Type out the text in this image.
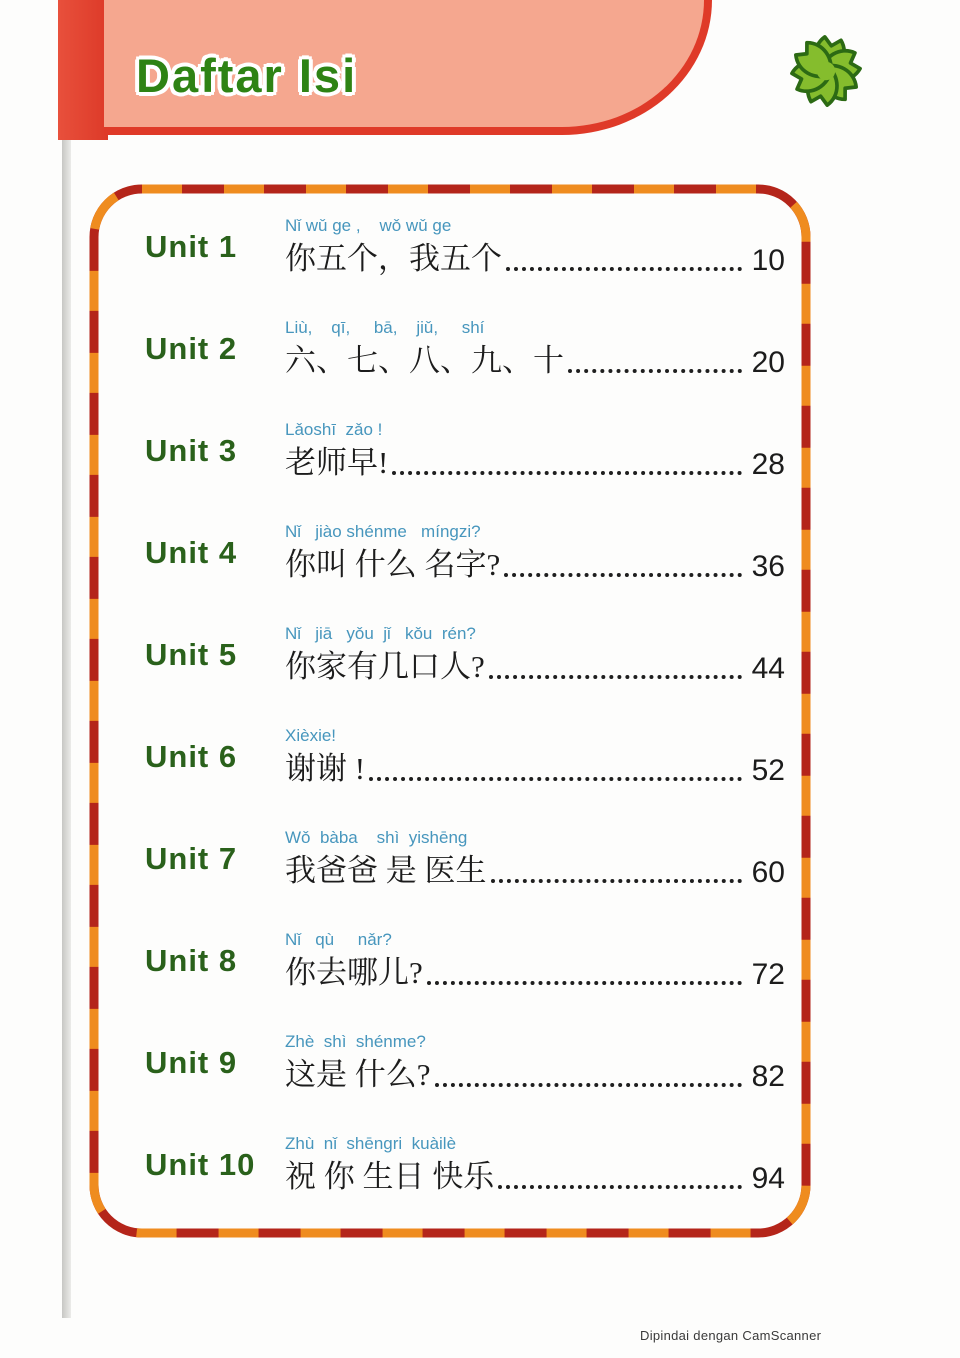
Daftar Isi
Unit 1
Nǐ wǔ ge ,    wǒ wǔ ge
你五个，我五个	10
Unit 2
Liù,    qī,     bā,    jiǔ,     shí
六、七、八、九、十	20
Unit 3
Lǎoshī  zǎo !
老师早!	28
Unit 4
Nǐ   jiào shénme   míngzi?
你叫 什么 名字?	36
Unit 5
Nǐ   jiā   yǒu  jǐ   kǒu  rén?
你家有几口人?	44
Unit 6
Xièxie!
谢谢 !	52
Unit 7
Wǒ  bàba    shì  yishēng
我爸爸 是 医生	60
Unit 8
Nǐ   qù     nǎr?
你去哪儿?	72
Unit 9
Zhè  shì  shénme?
这是 什么?	82
Unit 10
Zhù  nǐ  shēngri  kuàilè
祝 你 生日 快乐	94
Dipindai dengan CamScanner
